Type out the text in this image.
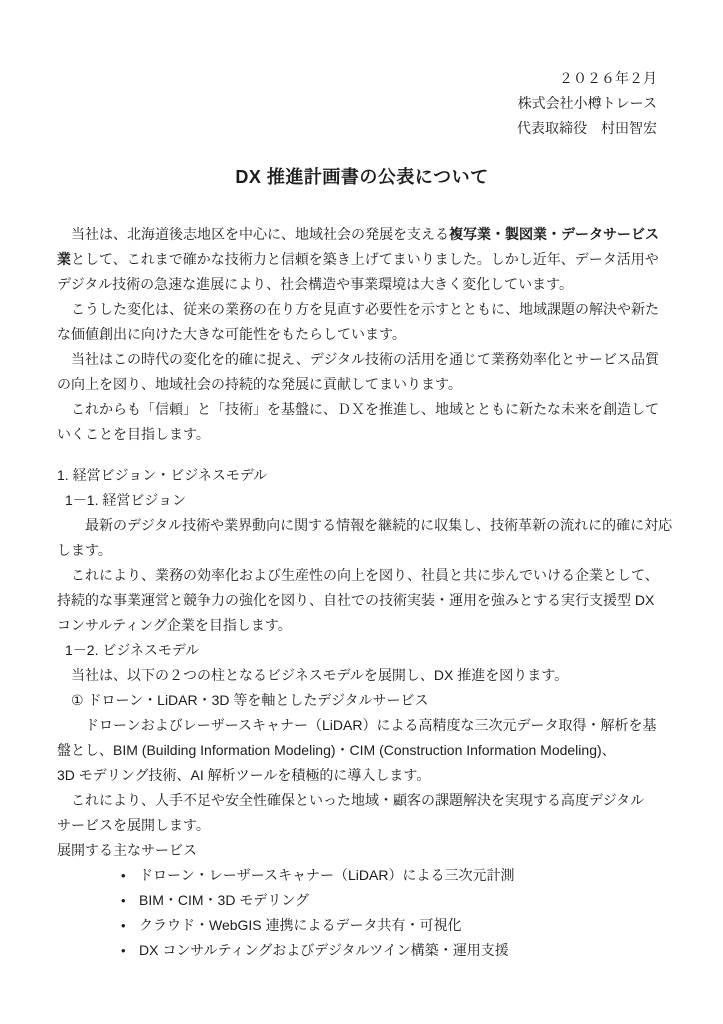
２０２６年２月
株式会社小樽トレース
代表取締役　村田智宏
DX 推進計画書の公表について
　当社は、北海道後志地区を中心に、地域社会の発展を支える複写業・製図業・データサービス
業として、これまで確かな技術力と信頼を築き上げてまいりました。しかし近年、データ活用や
デジタル技術の急速な進展により、社会構造や事業環境は大きく変化しています。
　こうした変化は、従来の業務の在り方を見直す必要性を示すとともに、地域課題の解決や新た
な価値創出に向けた大きな可能性をもたらしています。
　当社はこの時代の変化を的確に捉え、デジタル技術の活用を通じて業務効率化とサービス品質
の向上を図り、地域社会の持続的な発展に貢献してまいります。
　これからも「信頼」と「技術」を基盤に、ＤＸを推進し、地域とともに新たな未来を創造して
いくことを目指します。
1. 経営ビジョン・ビジネスモデル
1－1. 経営ビジョン
　　最新のデジタル技術や業界動向に関する情報を継続的に収集し、技術革新の流れに的確に対応
します。
　これにより、業務の効率化および生産性の向上を図り、社員と共に歩んでいける企業として、
持続的な事業運営と競争力の強化を図り、自社での技術実装・運用を強みとする実行支援型 DX
コンサルティング企業を目指します。
1－2. ビジネスモデル
　当社は、以下の２つの柱となるビジネスモデルを展開し、DX 推進を図ります。
　① ドローン・LiDAR・3D 等を軸としたデジタルサービス
　　ドローンおよびレーザースキャナー（LiDAR）による高精度な三次元データ取得・解析を基
盤とし、BIM (Building Information Modeling)・CIM (Construction Information Modeling)、
3D モデリング技術、AI 解析ツールを積極的に導入します。
　これにより、人手不足や安全性確保といった地域・顧客の課題解決を実現する高度デジタル
サービスを展開します。
展開する主なサービス
• ドローン・レーザースキャナー（LiDAR）による三次元計測
• BIM・CIM・3D モデリング
• クラウド・WebGIS 連携によるデータ共有・可視化
• DX コンサルティングおよびデジタルツイン構築・運用支援
